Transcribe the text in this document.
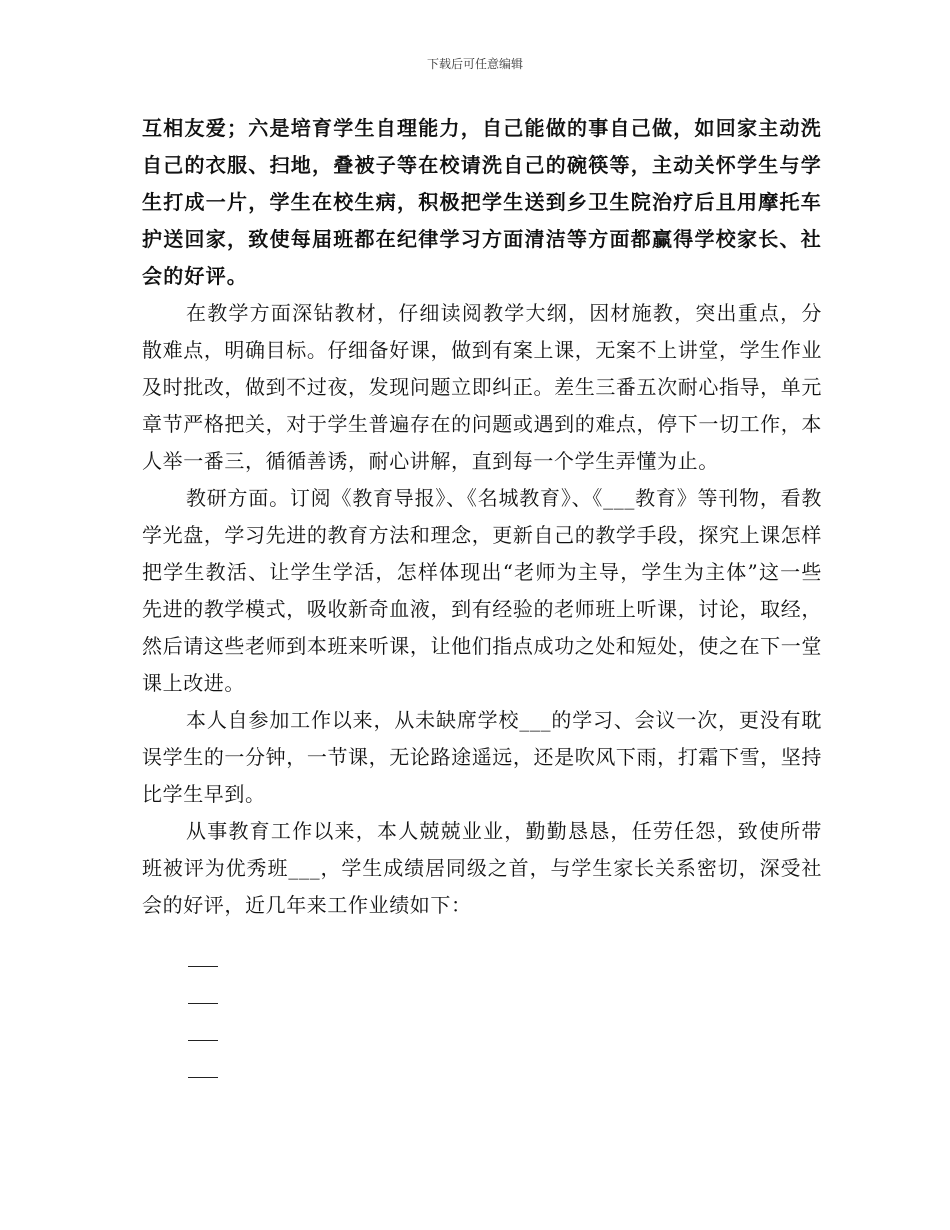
下载后可任意编辑

互相友爱；六是培育学生自理能力，自己能做的事自己做，如回家主动洗自己的衣服、扫地，叠被子等在校请洗自己的碗筷等，主动关怀学生与学生打成一片，学生在校生病，积极把学生送到乡卫生院治疗后且用摩托车护送回家，致使每届班都在纪律学习方面清洁等方面都赢得学校家长、社会的好评。

在教学方面深钻教材，仔细读阅教学大纲，因材施教，突出重点，分散难点，明确目标。仔细备好课，做到有案上课，无案不上讲堂，学生作业及时批改，做到不过夜，发现问题立即纠正。差生三番五次耐心指导，单元章节严格把关，对于学生普遍存在的问题或遇到的难点，停下一切工作，本人举一番三，循循善诱，耐心讲解，直到每一个学生弄懂为止。

教研方面。订阅《教育导报》、《名城教育》、《___教育》等刊物，看教学光盘，学习先进的教育方法和理念，更新自己的教学手段，探究上课怎样把学生教活、让学生学活，怎样体现出“老师为主导，学生为主体”这一些先进的教学模式，吸收新奇血液，到有经验的老师班上听课，讨论，取经，然后请这些老师到本班来听课，让他们指点成功之处和短处，使之在下一堂课上改进。

本人自参加工作以来，从未缺席学校___的学习、会议一次，更没有耽误学生的一分钟，一节课，无论路途遥远，还是吹风下雨，打霜下雪，坚持比学生早到。

从事教育工作以来，本人兢兢业业，勤勤恳恳，任劳任怨，致使所带班被评为优秀班___，学生成绩居同级之首，与学生家长关系密切，深受社会的好评，近几年来工作业绩如下：
